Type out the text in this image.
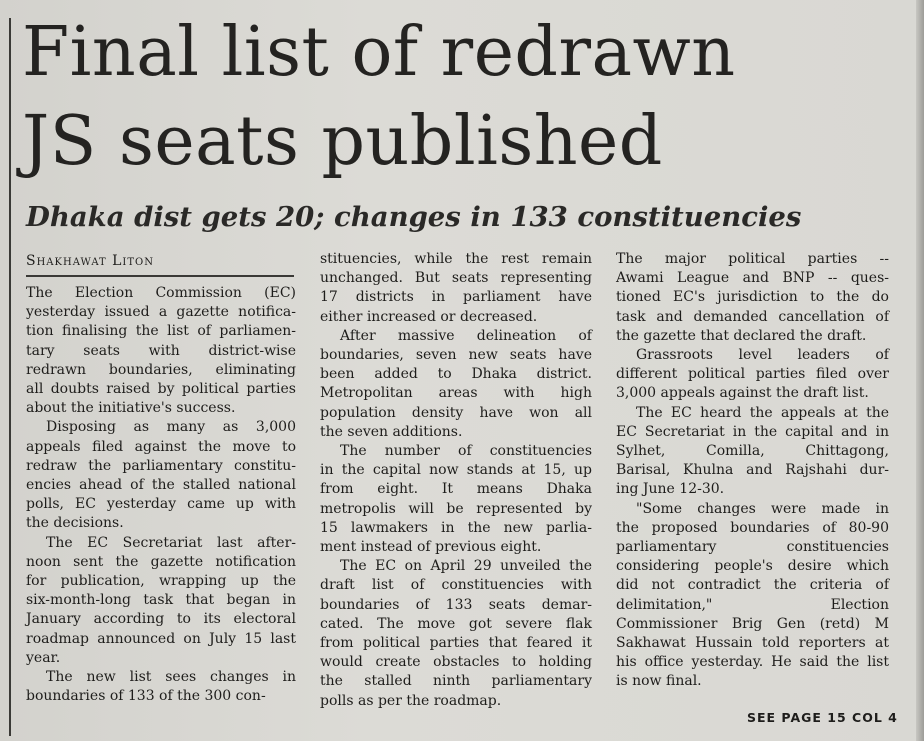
Final list of redrawn
JS seats published
Dhaka dist gets 20; changes in 133 constituencies
Shakhawat Liton
The Election Commission (EC)
yesterday issued a gazette notifica-
tion finalising the list of parliamen-
tary seats with district-wise
redrawn boundaries, eliminating
all doubts raised by political parties
about the initiative's success.
Disposing as many as 3,000
appeals filed against the move to
redraw the parliamentary constitu-
encies ahead of the stalled national
polls, EC yesterday came up with
the decisions.
The EC Secretariat last after-
noon sent the gazette notification
for publication, wrapping up the
six-month-long task that began in
January according to its electoral
roadmap announced on July 15 last
year.
The new list sees changes in
boundaries of 133 of the 300 con-
stituencies, while the rest remain
unchanged. But seats representing
17 districts in parliament have
either increased or decreased.
After massive delineation of
boundaries, seven new seats have
been added to Dhaka district.
Metropolitan areas with high
population density have won all
the seven additions.
The number of constituencies
in the capital now stands at 15, up
from eight. It means Dhaka
metropolis will be represented by
15 lawmakers in the new parlia-
ment instead of previous eight.
The EC on April 29 unveiled the
draft list of constituencies with
boundaries of 133 seats demar-
cated. The move got severe flak
from political parties that feared it
would create obstacles to holding
the stalled ninth parliamentary
polls as per the roadmap.
The major political parties --
Awami League and BNP -- ques-
tioned EC's jurisdiction to the do
task and demanded cancellation of
the gazette that declared the draft.
Grassroots level leaders of
different political parties filed over
3,000 appeals against the draft list.
The EC heard the appeals at the
EC Secretariat in the capital and in
Sylhet, Comilla, Chittagong,
Barisal, Khulna and Rajshahi dur-
ing June 12-30.
"Some changes were made in
the proposed boundaries of 80-90
parliamentary constituencies
considering people's desire which
did not contradict the criteria of
delimitation," Election
Commissioner Brig Gen (retd) M
Sakhawat Hussain told reporters at
his office yesterday. He said the list
is now final.
SEE PAGE 15 COL 4
